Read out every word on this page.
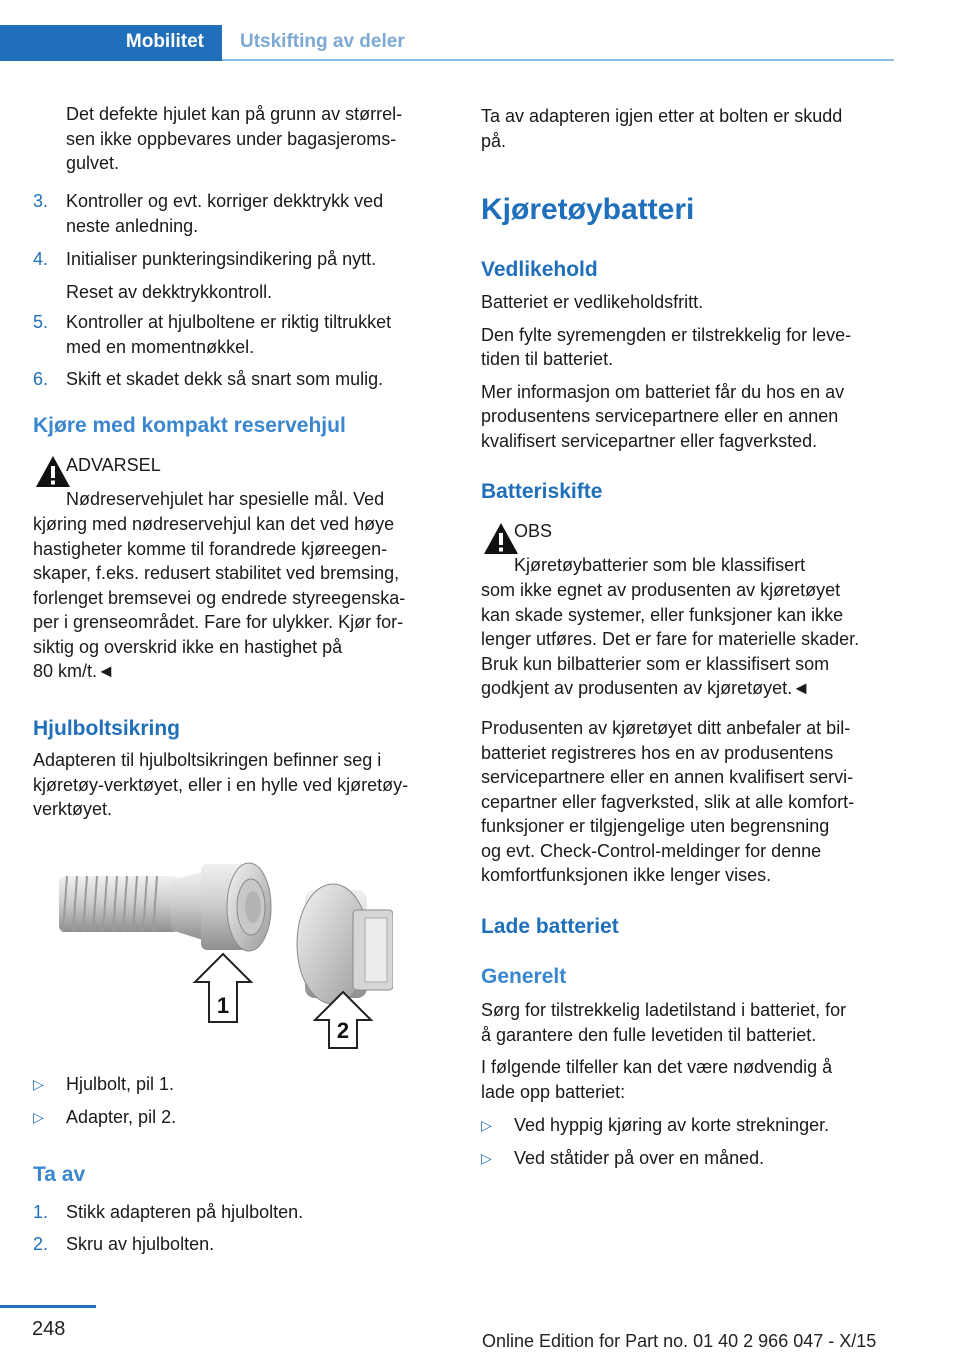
Mobilitet Utskifting av deler
Det defekte hjulet kan på grunn av størrel-
sen ikke oppbevares under bagasjeroms-
gulvet.
3. Kontroller og evt. korriger dekktrykk ved
neste anledning.
4. Initialiser punkteringsindikering på nytt.
Reset av dekktrykkontroll.
5. Kontroller at hjulboltene er riktig tiltrukket
med en momentnøkkel.
6. Skift et skadet dekk så snart som mulig.
Kjøre med kompakt reservehjul
ADVARSEL
Nødreservehjulet har spesielle mål. Ved
kjøring med nødreservehjul kan det ved høye
hastigheter komme til forandrede kjøreegen-
skaper, f.eks. redusert stabilitet ved bremsing,
forlenget bremsevei og endrede styreegenska-
per i grenseområdet. Fare for ulykker. Kjør for-
siktig og overskrid ikke en hastighet på
80 km/t.◄
Hjulboltsikring
Adapteren til hjulboltsikringen befinner seg i
kjøretøy-verktøyet, eller i en hylle ved kjøretøy-
verktøyet.
1
2
▷ Hjulbolt, pil 1.
▷ Adapter, pil 2.
Ta av
1. Stikk adapteren på hjulbolten.
2. Skru av hjulbolten.
Ta av adapteren igjen etter at bolten er skudd
på.
Kjøretøybatteri
Vedlikehold
Batteriet er vedlikeholdsfritt.
Den fylte syremengden er tilstrekkelig for leve-
tiden til batteriet.
Mer informasjon om batteriet får du hos en av
produsentens servicepartnere eller en annen
kvalifisert servicepartner eller fagverksted.
Batteriskifte
OBS
Kjøretøybatterier som ble klassifisert
som ikke egnet av produsenten av kjøretøyet
kan skade systemer, eller funksjoner kan ikke
lenger utføres. Det er fare for materielle skader.
Bruk kun bilbatterier som er klassifisert som
godkjent av produsenten av kjøretøyet.◄
Produsenten av kjøretøyet ditt anbefaler at bil-
batteriet registreres hos en av produsentens
servicepartnere eller en annen kvalifisert servi-
cepartner eller fagverksted, slik at alle komfort-
funksjoner er tilgjengelige uten begrensning
og evt. Check-Control-meldinger for denne
komfortfunksjonen ikke lenger vises.
Lade batteriet
Generelt
Sørg for tilstrekkelig ladetilstand i batteriet, for
å garantere den fulle levetiden til batteriet.
I følgende tilfeller kan det være nødvendig å
lade opp batteriet:
▷ Ved hyppig kjøring av korte strekninger.
▷ Ved ståtider på over en måned.
248
Online Edition for Part no. 01 40 2 966 047 - X/15
